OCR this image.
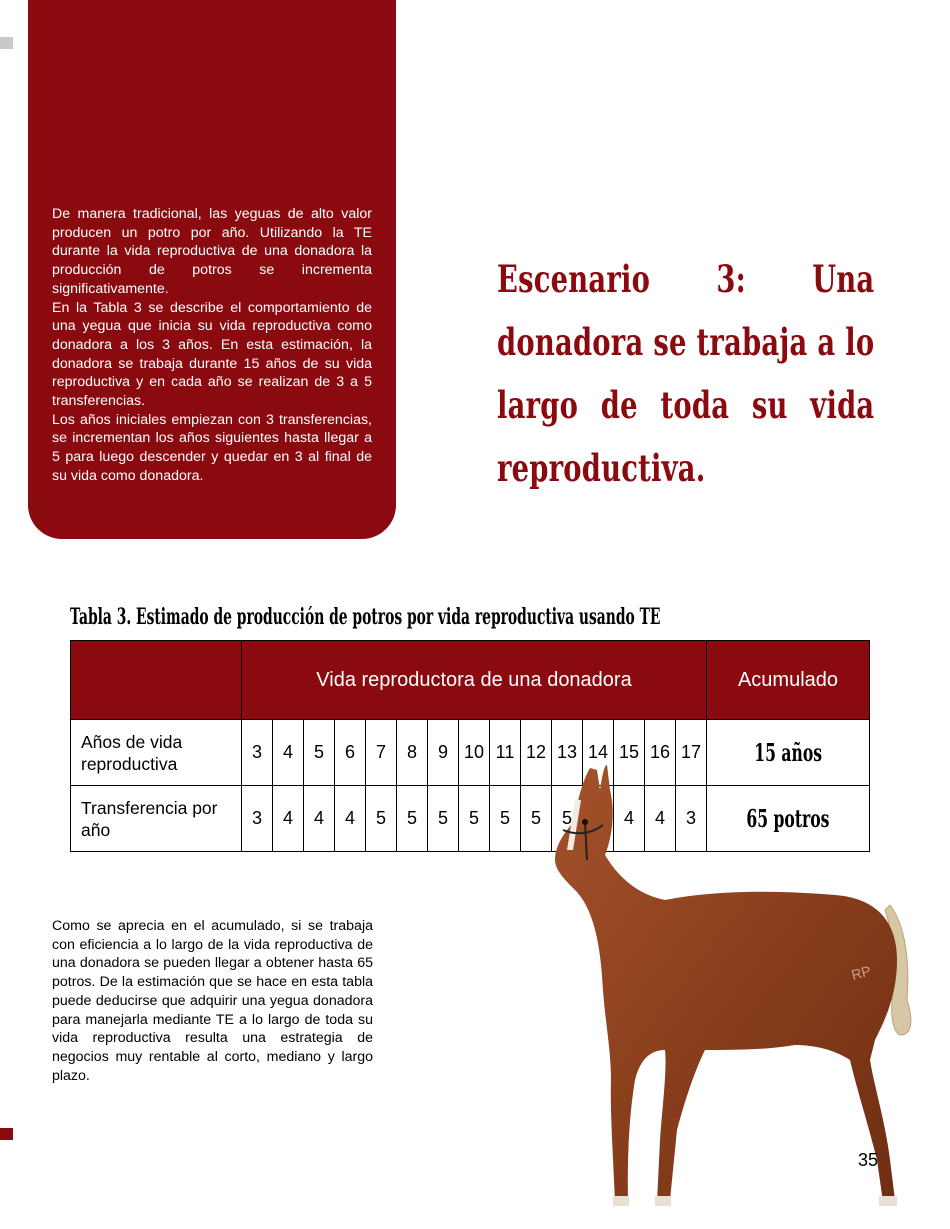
De manera tradicional, las yeguas de alto valor producen un potro por año. Utilizando la TE durante la vida reproductiva de una donadora la producción de potros se incrementa significativamente.

En la Tabla 3 se describe el comportamiento de una yegua que inicia su vida reproductiva como donadora a los 3 años. En esta estimación, la donadora se trabaja durante 15 años de su vida reproductiva y en cada año se realizan de 3 a 5 transferencias.

Los años iniciales empiezan con 3 transferencias, se incrementan los años siguientes hasta llegar a 5 para luego descender y quedar en 3 al final de su vida como donadora.

Escenario 3: Una donadora se trabaja a lo largo de toda su vida reproductiva.
Tabla 3. Estimado de producción de potros por vida reproductiva usando TE
	Vida reproductora de una donadora															Acumulado
Años de vida reproductiva	3	4	5	6	7	8	9	10	11	12	13	14	15	16	17	15 años
Transferencia por año	3	4	4	4	5	5	5	5	5	5	5		4	4	3	65 potros
RP
Como se aprecia en el acumulado, si se trabaja con eficiencia a lo largo de la vida reproductiva de una donadora se pueden llegar a obtener hasta 65 potros. De la estimación que se hace en esta tabla puede deducirse que adquirir una yegua donadora para manejarla mediante TE a lo largo de toda su vida reproductiva resulta una estrategia de negocios muy rentable al corto, mediano y largo plazo.
35
